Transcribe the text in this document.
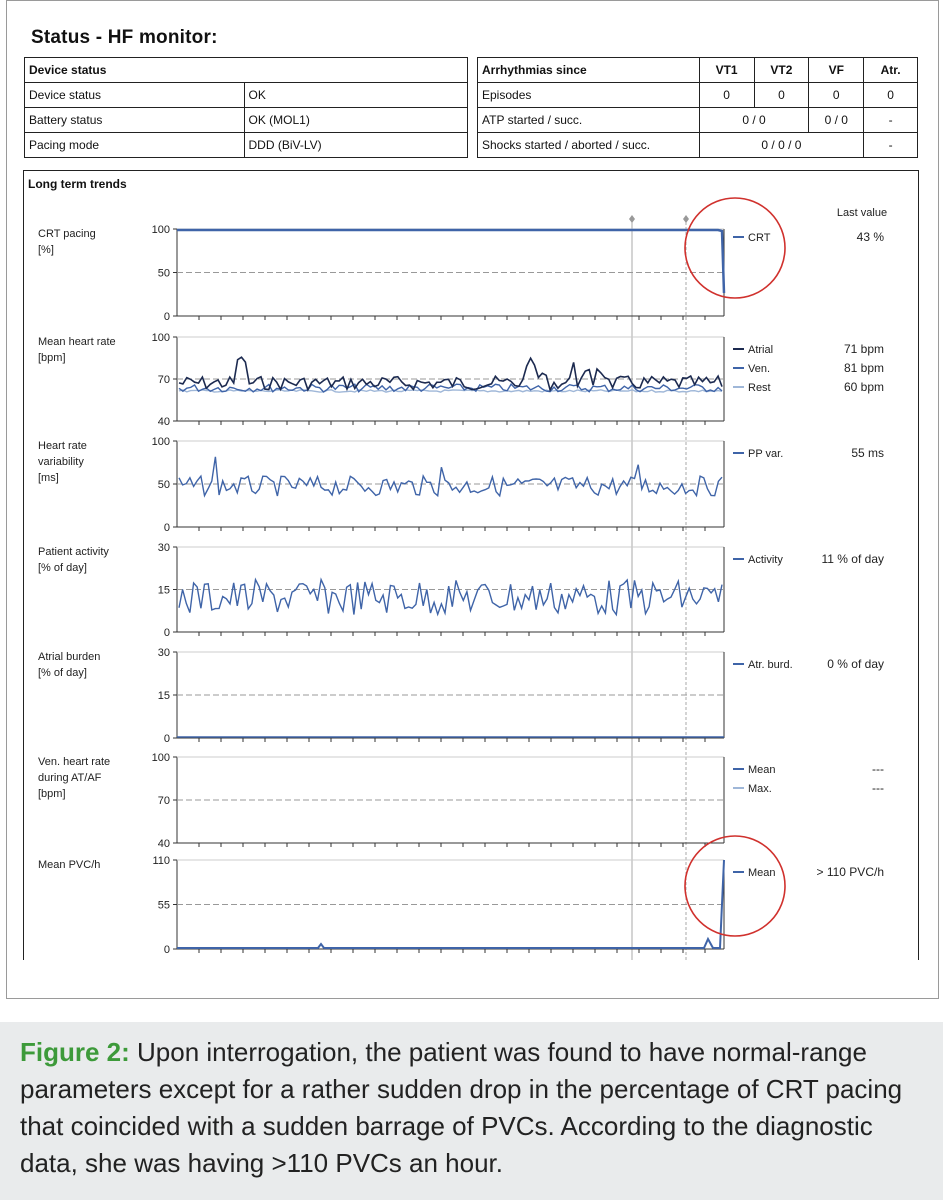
Status - HF monitor:
Device status	
Device status	OK
Battery status	OK (MOL1)
Pacing mode	DDD (BiV-LV)
Arrhythmias since	VT1	VT2	VF	Atr.
Episodes	0	0	0	0
ATP started / succ.	0 / 0		0 / 0	-
Shocks started / aborted / succ.	0 / 0 / 0			-
Long term trends
Last value
CRT pacing
[%]
100
50
0
CRT	43 %
Mean heart rate
[bpm]
100
70
40
Atrial	71 bpm
Ven.	81 bpm
Rest	60 bpm
Heart rate
variability
[ms]
100
50
0
PP var.	55 ms
Patient activity
[% of day]
30
15
0
Activity	11 % of day
Atrial burden
[% of day]
30
15
0
Atr. burd.	0 % of day
Ven. heart rate
during AT/AF
[bpm]
100
70
40
Mean	---
Max.	---
Mean PVC/h	110
55
0
Mean	> 110 PVC/h
Figure 2: Upon interrogation, the patient was found to have normal-range parameters except for a rather sudden drop in the percentage of CRT pacing that coincided with a sudden barrage of PVCs. According to the diagnostic data, she was having >110 PVCs an hour.
